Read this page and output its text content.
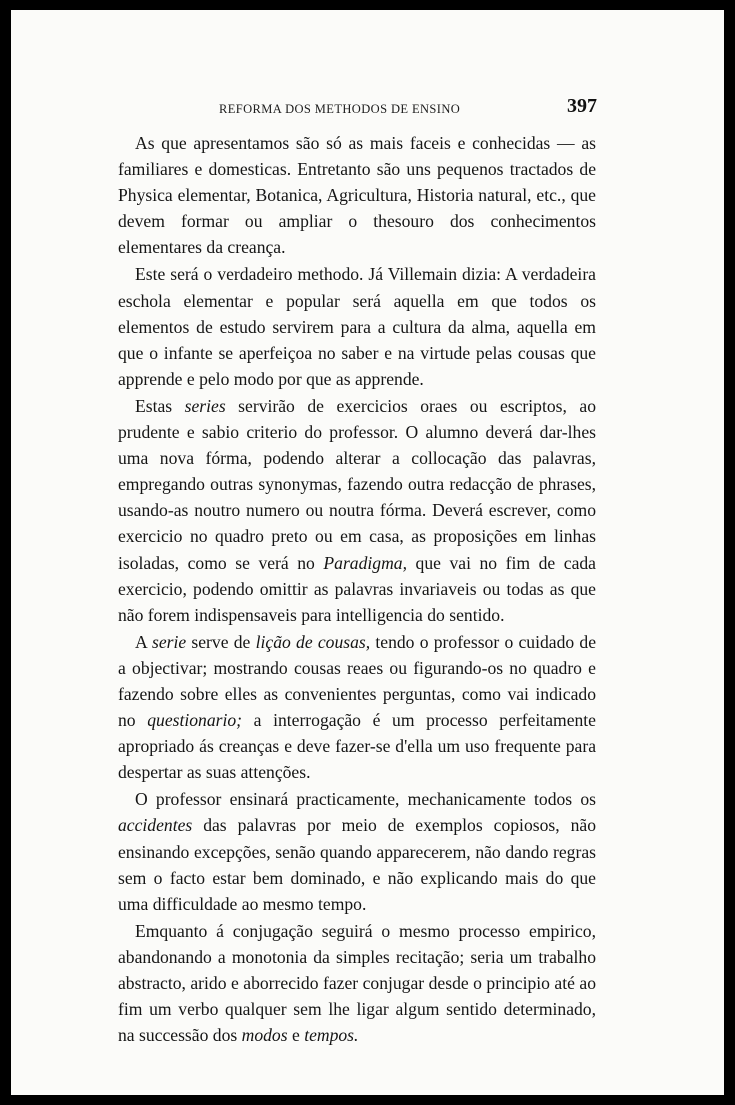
REFORMA DOS METHODOS DE ENSINO	397

As que apresentamos são só as mais faceis e conhecidas — as familiares e domesticas. Entretanto são uns pequenos tractados de Physica elementar, Botanica, Agricultura, Historia natural, etc., que devem formar ou ampliar o thesouro dos conhecimentos elementares da creança.

Este será o verdadeiro methodo. Já Villemain dizia: A verdadeira eschola elementar e popular será aquella em que todos os elementos de estudo servirem para a cultura da alma, aquella em que o infante se aperfeiçoa no saber e na virtude pelas cousas que apprende e pelo modo por que as apprende.

Estas series servirão de exercicios oraes ou escriptos, ao prudente e sabio criterio do professor. O alumno deverá dar-lhes uma nova fórma, podendo alterar a collocação das palavras, empregando outras synonymas, fazendo outra redacção de phrases, usando-as noutro numero ou noutra fórma. Deverá escrever, como exercicio no quadro preto ou em casa, as proposições em linhas isoladas, como se verá no Paradigma, que vai no fim de cada exercicio, podendo omittir as palavras invariaveis ou todas as que não forem indispensaveis para intelligencia do sentido.

A serie serve de lição de cousas, tendo o professor o cuidado de a objectivar; mostrando cousas reaes ou figurando-os no quadro e fazendo sobre elles as convenientes perguntas, como vai indicado no questionario; a interrogação é um processo perfeitamente apropriado ás creanças e deve fazer-se d'ella um uso frequente para despertar as suas attenções.

O professor ensinará practicamente, mechanicamente todos os accidentes das palavras por meio de exemplos copiosos, não ensinando excepções, senão quando apparecerem, não dando regras sem o facto estar bem dominado, e não explicando mais do que uma difficuldade ao mesmo tempo.

Emquanto á conjugação seguirá o mesmo processo empirico, abandonando a monotonia da simples recitação; seria um trabalho abstracto, arido e aborrecido fazer conjugar desde o principio até ao fim um verbo qualquer sem lhe ligar algum sentido determinado, na successão dos modos e tempos.
